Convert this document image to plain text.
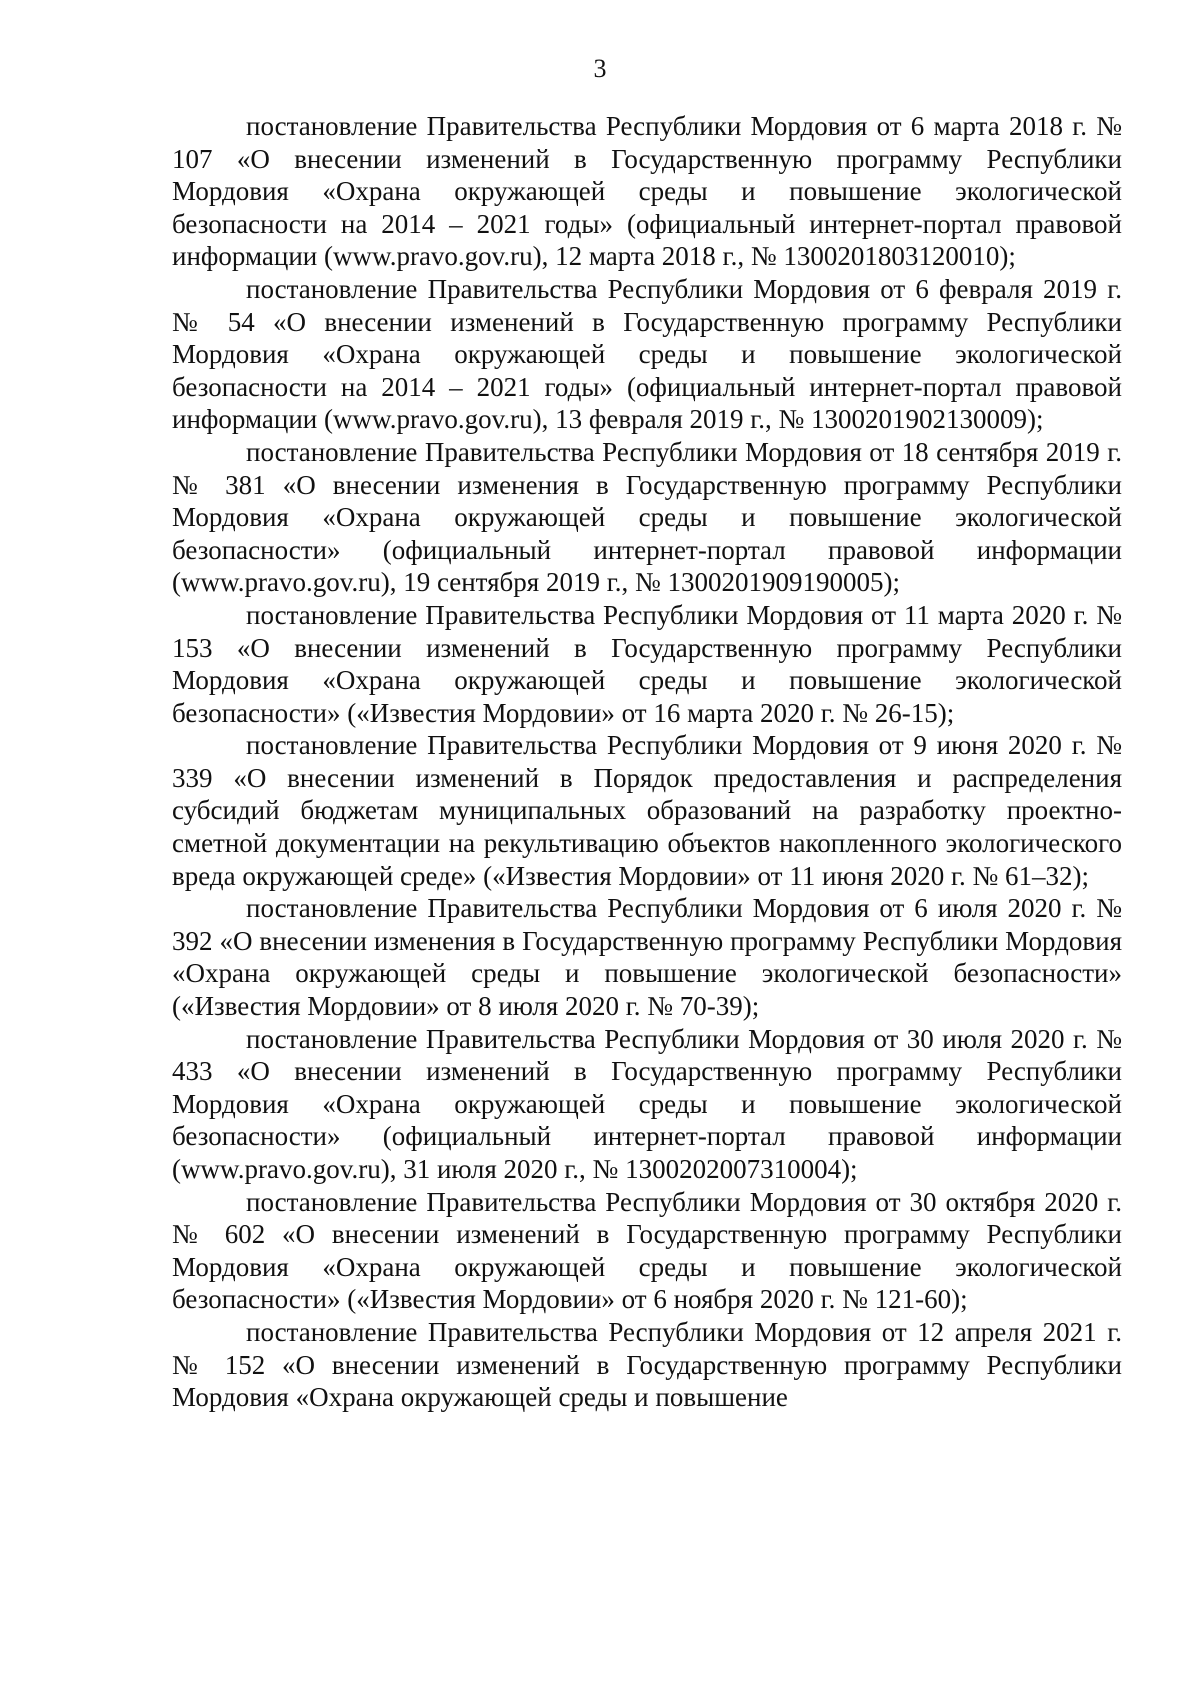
3

постановление Правительства Республики Мордовия от 6 марта 2018 г. № 107 «О внесении изменений в Государственную программу Республики Мордовия «Охрана окружающей среды и повышение экологической безопасности на 2014 – 2021 годы» (официальный интернет-портал правовой информации (www.pravo.gov.ru), 12 марта 2018 г., № 1300201803120010);

постановление Правительства Республики Мордовия от 6 февраля 2019 г. № 54 «О внесении изменений в Государственную программу Республики Мордовия «Охрана окружающей среды и повышение экологической безопасности на 2014 – 2021 годы» (официальный интернет-портал правовой информации (www.pravo.gov.ru), 13 февраля 2019 г., № 1300201902130009);

постановление Правительства Республики Мордовия от 18 сентября 2019 г. № 381 «О внесении изменения в Государственную программу Республики Мордовия «Охрана окружающей среды и повышение экологической безопасности» (официальный интернет-портал правовой информации (www.pravo.gov.ru), 19 сентября 2019 г., № 1300201909190005);

постановление Правительства Республики Мордовия от 11 марта 2020 г. № 153 «О внесении изменений в Государственную программу Республики Мордовия «Охрана окружающей среды и повышение экологической безопасности» («Известия Мордовии» от 16 марта 2020 г. № 26-15);

постановление Правительства Республики Мордовия от 9 июня 2020 г. № 339 «О внесении изменений в Порядок предоставления и распределения субсидий бюджетам муниципальных образований на разработку проектно-сметной документации на рекультивацию объектов накопленного экологического вреда окружающей среде» («Известия Мордовии» от 11 июня 2020 г. № 61–32);

постановление Правительства Республики Мордовия от 6 июля 2020 г. № 392 «О внесении изменения в Государственную программу Республики Мордовия «Охрана окружающей среды и повышение экологической безопасности» («Известия Мордовии» от 8 июля 2020 г. № 70-39);

постановление Правительства Республики Мордовия от 30 июля 2020 г. № 433 «О внесении изменений в Государственную программу Республики Мордовия «Охрана окружающей среды и повышение экологической безопасности» (официальный интернет-портал правовой информации (www.pravo.gov.ru), 31 июля 2020 г., № 1300202007310004);

постановление Правительства Республики Мордовия от 30 октября 2020 г. № 602 «О внесении изменений в Государственную программу Республики Мордовия «Охрана окружающей среды и повышение экологической безопасности» («Известия Мордовии» от 6 ноября 2020 г. № 121-60);

постановление Правительства Республики Мордовия от 12 апреля 2021 г. № 152 «О внесении изменений в Государственную программу Республики Мордовия «Охрана окружающей среды и повышение
